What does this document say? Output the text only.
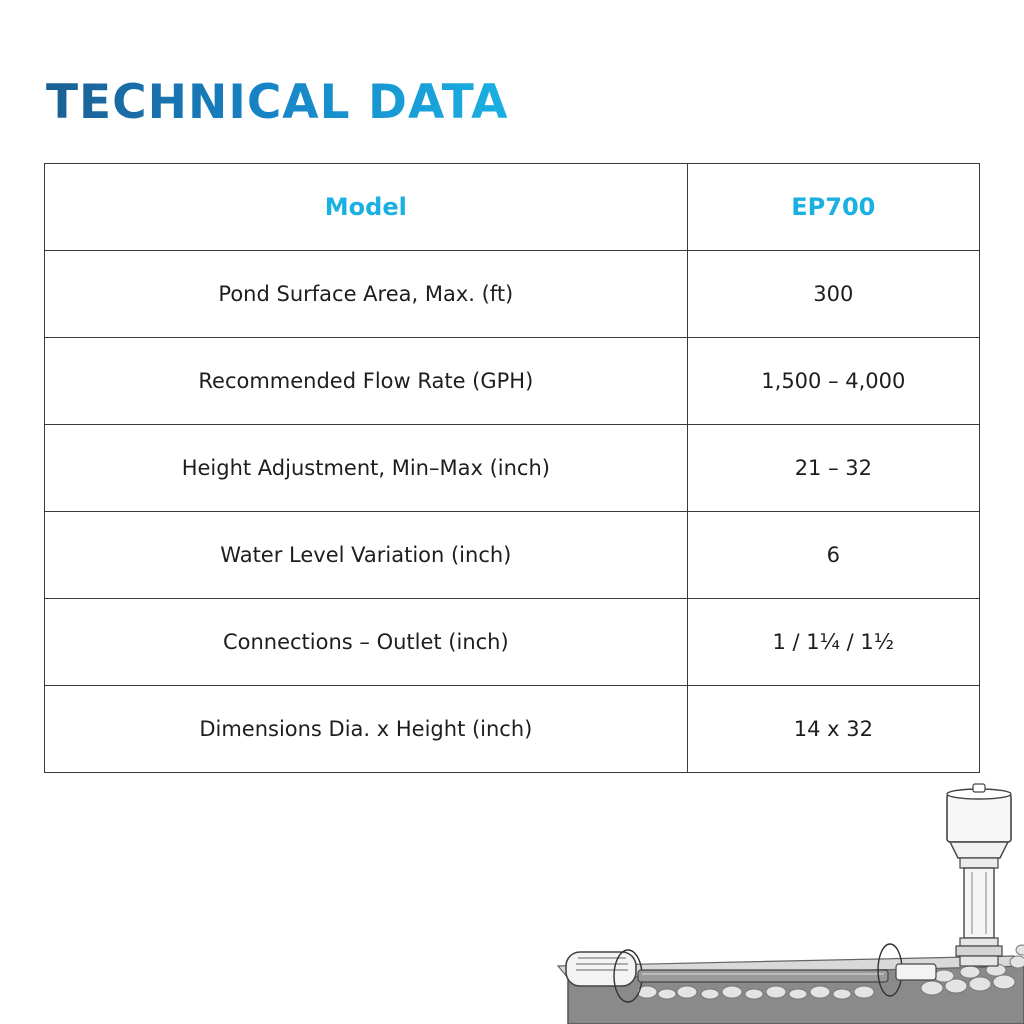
TECHNICAL DATA
Model	EP700
Pond Surface Area, Max. (ft)	300
Recommended Flow Rate (GPH)	1,500 – 4,000
Height Adjustment, Min–Max (inch)	21 – 32
Water Level Variation (inch)	6
Connections – Outlet (inch)	1 / 1¼ / 1½
Dimensions Dia. x Height (inch)	14 x 32
